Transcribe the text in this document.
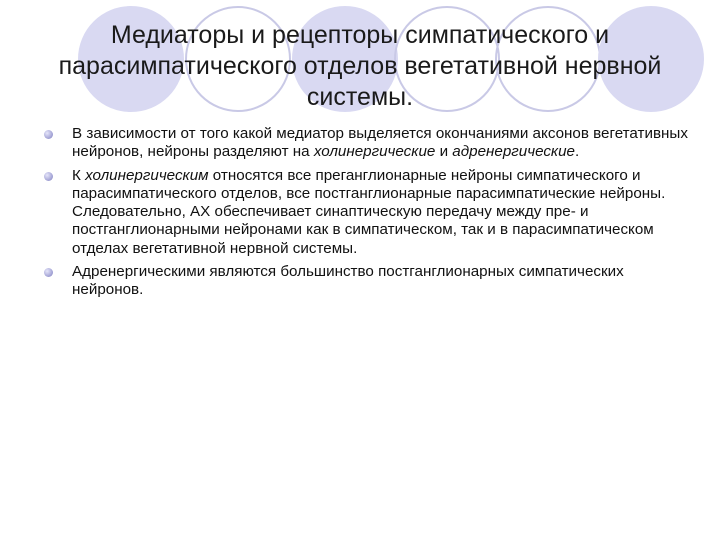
Медиаторы и рецепторы симпатического и парасимпатического отделов вегетативной нервной системы.
В зависимости от того какой медиатор выделяется окончаниями аксонов вегетативных нейронов, нейроны разделяют на холинергические и адренергические.
К холинергическим относятся все преганглионарные нейроны симпатического и парасимпатического отделов, все постганглионарные парасимпатические нейроны. Следовательно, АХ обеспечивает синаптическую передачу между пре- и постганглионарными нейронами как в симпатическом, так и в парасимпатическом отделах вегетативной нервной системы.
Адренергическими являются большинство постганглионарных симпатических нейронов.
